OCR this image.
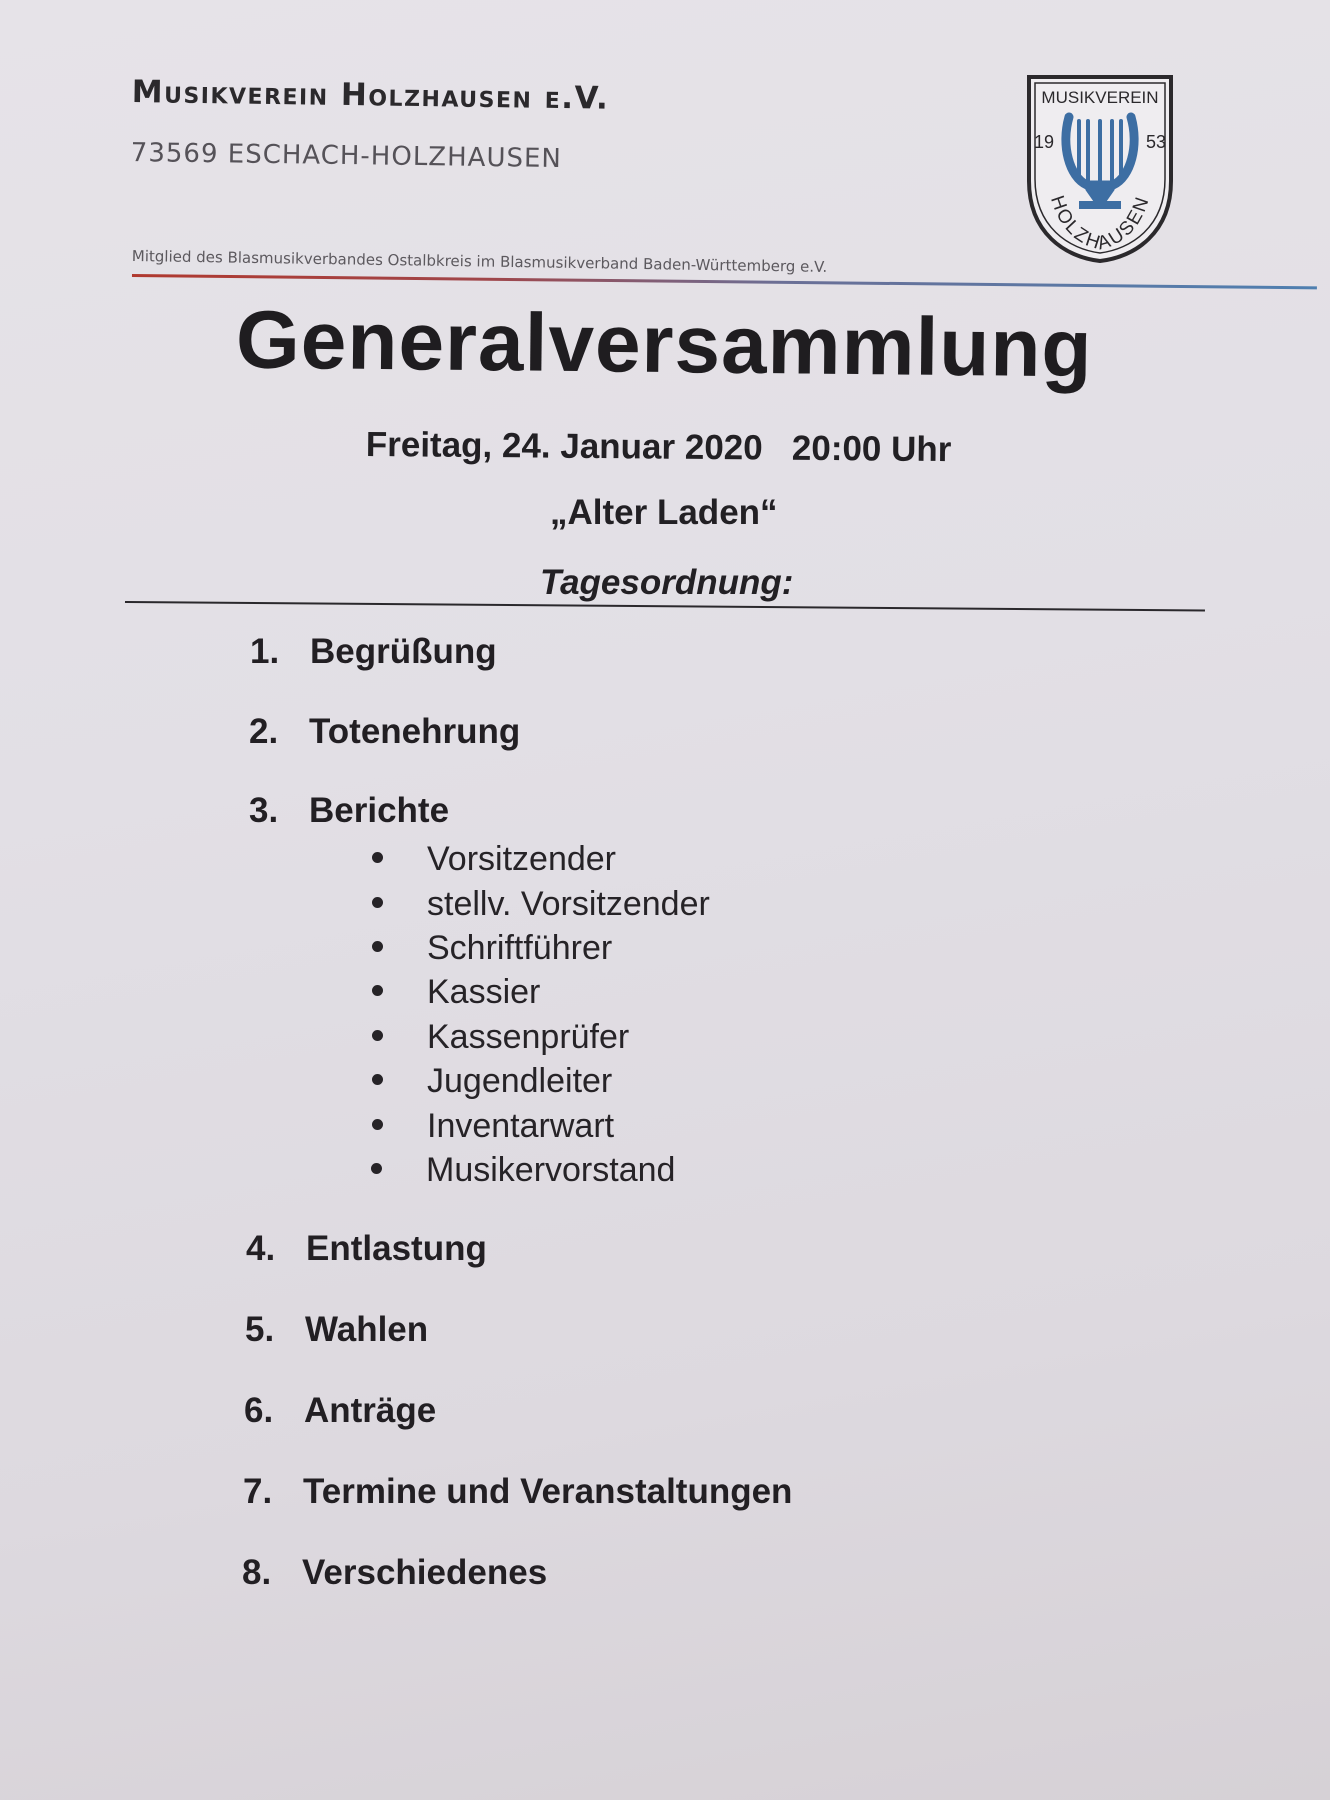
Musikverein Holzhausen e.V.
73569 ESCHACH-HOLZHAUSEN
Mitglied des Blasmusikverbandes Ostalbkreis im Blasmusikverband Baden-Württemberg e.V.
MUSIKVEREIN
19	53
HOLZHAUSEN
Generalversammlung
Freitag, 24. Januar 2020   20:00 Uhr
„Alter Laden“
Tagesordnung:
1. Begrüßung
2. Totenehrung
3. Berichte
Vorsitzender
stellv. Vorsitzender
Schriftführer
Kassier
Kassenprüfer
Jugendleiter
Inventarwart
Musikervorstand
4. Entlastung
5. Wahlen
6. Anträge
7. Termine und Veranstaltungen
8. Verschiedenes
